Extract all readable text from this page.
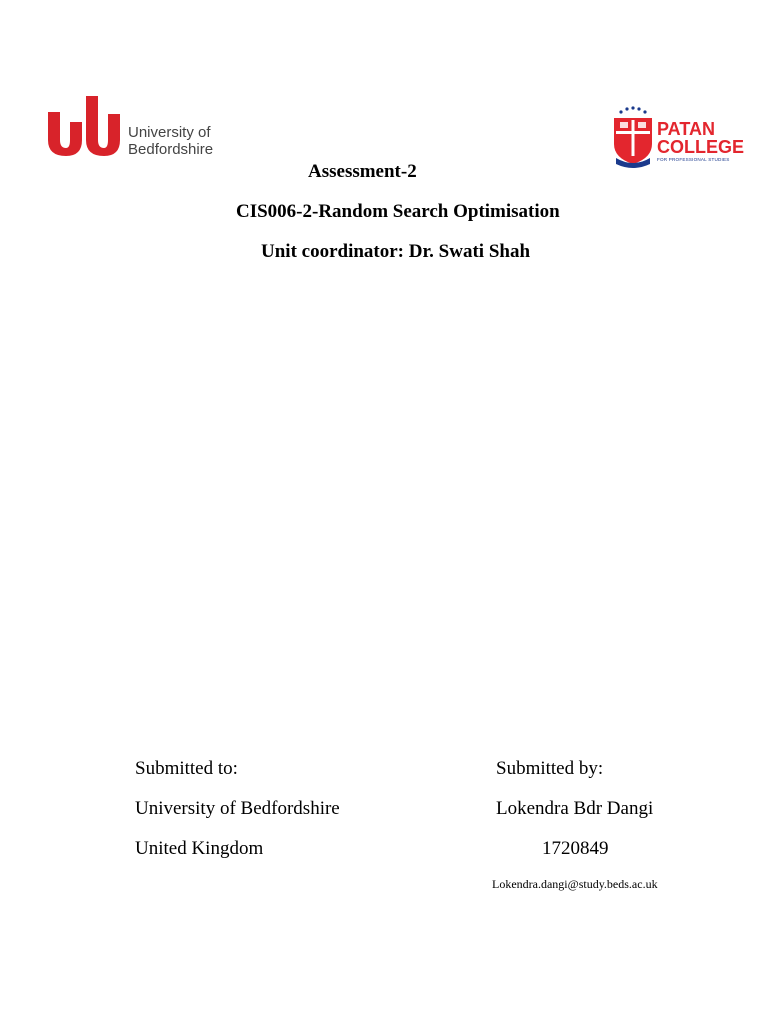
University of
Bedfordshire
PATAN
COLLEGE
FOR PROFESSIONAL STUDIES
Assessment-2
CIS006-2-Random Search Optimisation
Unit coordinator: Dr. Swati Shah
Submitted to:
University of Bedfordshire
United Kingdom
Submitted by:
Lokendra Bdr Dangi
1720849
Lokendra.dangi@study.beds.ac.uk
